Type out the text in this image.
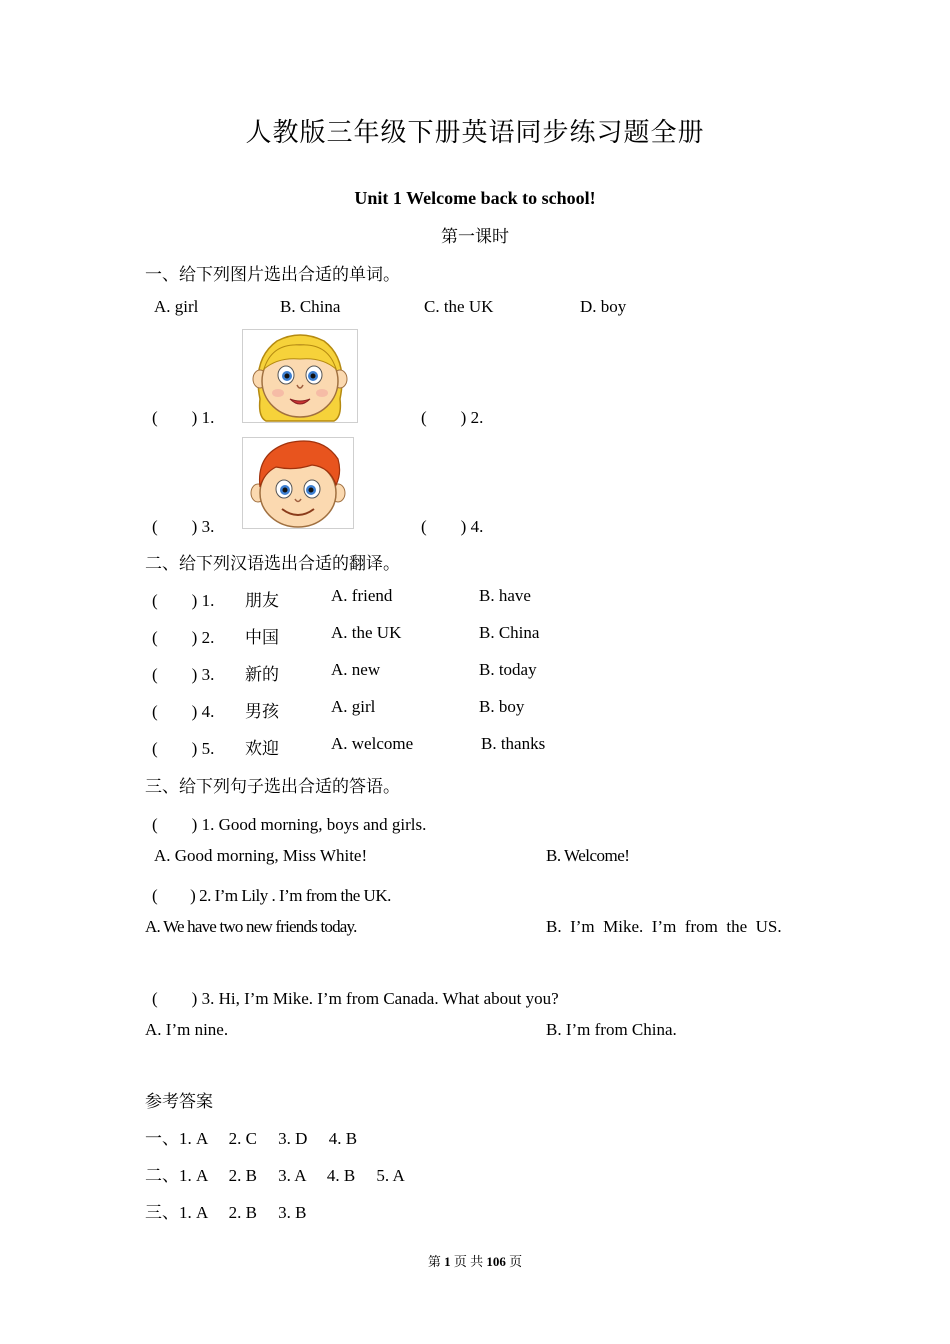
人教版三年级下册英语同步练习题全册
Unit 1 Welcome back to school!
第一课时
一、给下列图片选出合适的单词。
A. girl	B. China	C. the UK	D. boy
(　　) 1.	(　　) 2.
(　　) 3.	(　　) 4.
二、给下列汉语选出合适的翻译。
(　　) 1. 朋友	A. friend	B. have
(　　) 2. 中国	A. the UK	B. China
(　　) 3. 新的	A. new	B. today
(　　) 4. 男孩	A. girl	B. boy
(　　) 5. 欢迎	A. welcome	B. thanks
三、给下列句子选出合适的答语。
(　　) 1. Good morning, boys and girls.
A. Good morning, Miss White!	B. Welcome!
(　　) 2. I’m Lily . I’m from the UK.
A. We have two new friends today.	B.  I’m  Mike.  I’m  from  the  US.
(　　) 3. Hi, I’m Mike. I’m from Canada. What about you?
A. I’m nine.	B. I’m from China.
参考答案
一、1. A　 2. C　 3. D　 4. B
二、1. A　 2. B　 3. A　 4. B　 5. A
三、1. A　 2. B　 3. B
第 1 页 共 106 页
